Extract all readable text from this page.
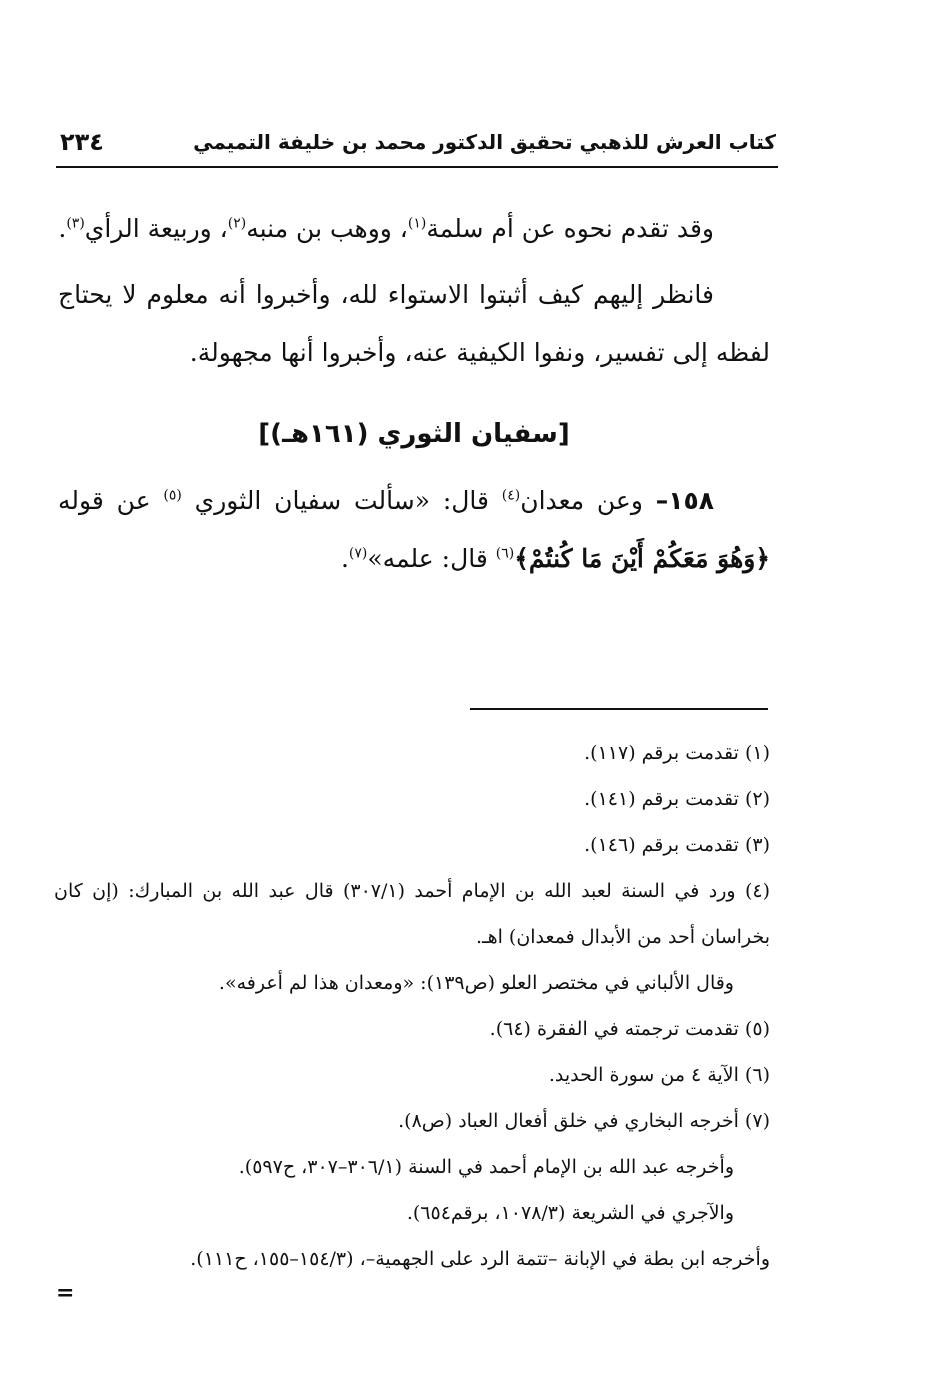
كتاب العرش للذهبي تحقيق الدكتور محمد بن خليفة التميمي
٢٣٤

وقد تقدم نحوه عن أم سلمة$^{(١)}$، ووهب بن منبه$^{(٢)}$، وربيعة الرأي$^{(٣)}$.

فانظر إليهم كيف أثبتوا الاستواء لله، وأخبروا أنه معلوم لا يحتاج لفظه إلى تفسير، ونفوا الكيفية عنه، وأخبروا أنها مجهولة.

[سفيان الثوري (١٦١هـ)]

١٥٨– وعن معدان$^{(٤)}$ قال: «سألت سفيان الثوري $^{(٥)}$ عن قوله ﴿وَهُوَ مَعَكُمْ أَيْنَ مَا كُنتُمْ﴾$^{(٦)}$ قال: علمه»$^{(٧)}$.

(١) تقدمت برقم (١١٧).

(٢) تقدمت برقم (١٤١).

(٣) تقدمت برقم (١٤٦).

(٤) ورد في السنة لعبد الله بن الإمام أحمد (٣٠٧/١) قال عبد الله بن المبارك: (إن كان بخراسان أحد من الأبدال فمعدان) اهـ.

وقال الألباني في مختصر العلو (ص١٣٩): «ومعدان هذا لم أعرفه».

(٥) تقدمت ترجمته في الفقرة (٦٤).

(٦) الآية ٤ من سورة الحديد.

(٧) أخرجه البخاري في خلق أفعال العباد (ص٨).

وأخرجه عبد الله بن الإمام أحمد في السنة (٣٠٦/١–٣٠٧، ح٥٩٧).

والآجري في الشريعة (١٠٧٨/٣، برقم٦٥٤).

وأخرجه ابن بطة في الإبانة –تتمة الرد على الجهمية–، (١٥٤/٣–١٥٥، ح١١١).

=
